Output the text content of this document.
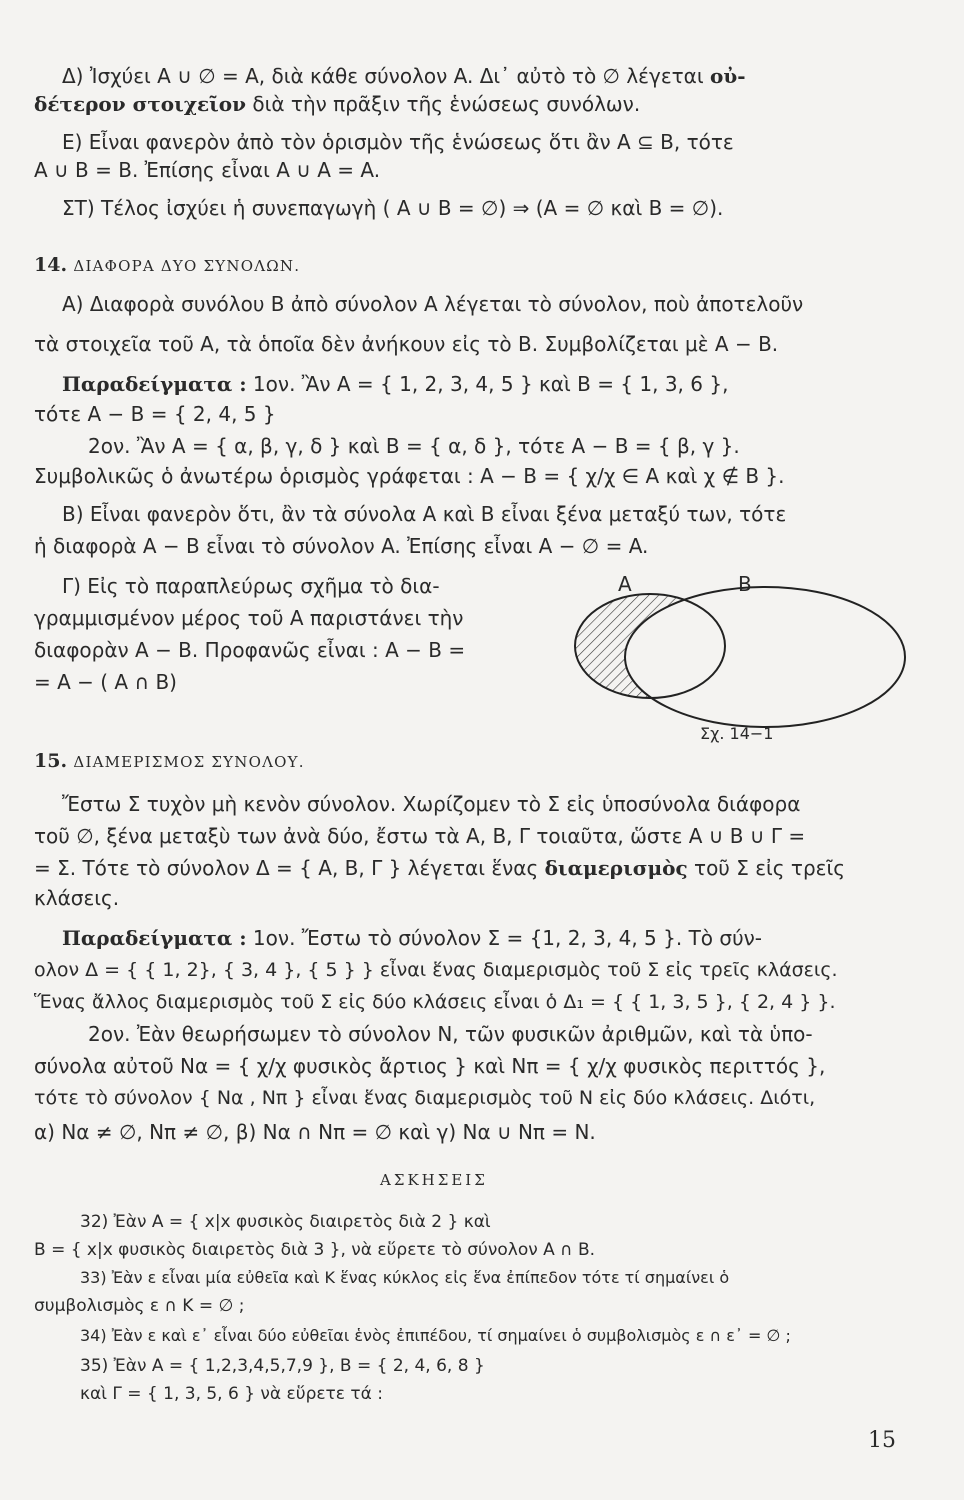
Δ) Ἰσχύει A ∪ ∅ = A, διὰ κάθε σύνολον A. Δι᾽ αὐτὸ τὸ ∅ λέγεται οὐ-
δέτερον στοιχεῖον διὰ τὴν πρᾶξιν τῆς ἑνώσεως συνόλων.
E) Εἶναι φανερὸν ἀπὸ τὸν ὁρισμὸν τῆς ἑνώσεως ὅτι ἂν A ⊆ B, τότε
A ∪ B = B. Ἐπίσης εἶναι A ∪ A = A.
ΣΤ) Τέλος ἰσχύει ἡ συνεπαγωγὴ ( A ∪ B = ∅) ⇒ (A = ∅ καὶ B = ∅).
14. ΔΙΑΦΟΡΑ ΔΥΟ ΣΥΝΟΛΩΝ.
A) Διαφορὰ συνόλου B ἀπὸ σύνολον A λέγεται τὸ σύνολον, ποὺ ἀποτελοῦν
τὰ στοιχεῖα τοῦ A, τὰ ὁποῖα δὲν ἀνήκουν εἰς τὸ B. Συμβολίζεται μὲ A − B.
Παραδείγματα : 1ον. Ἂν A = { 1, 2, 3, 4, 5 } καὶ B = { 1, 3, 6 },
τότε A − B = { 2, 4, 5 }
2ον. Ἂν A = { α, β, γ, δ } καὶ B = { α, δ }, τότε A − B = { β, γ }.
Συμβολικῶς ὁ ἀνωτέρω ὁρισμὸς γράφεται : A − B = { χ/χ ∈ A καὶ χ ∉ B }.
B) Εἶναι φανερὸν ὅτι, ἂν τὰ σύνολα A καὶ B εἶναι ξένα μεταξύ των, τότε
ἡ διαφορὰ A − B εἶναι τὸ σύνολον A. Ἐπίσης εἶναι A − ∅ = A.
Γ) Εἰς τὸ παραπλεύρως σχῆμα τὸ δια-
γραμμισμένον μέρος τοῦ A παριστάνει τὴν
διαφορὰν A − B. Προφανῶς εἶναι : A − B =
= A − ( A ∩ B)
A	B
Σχ. 14−1
15. ΔΙΑΜΕΡΙΣΜΟΣ ΣΥΝΟΛΟΥ.
Ἔστω Σ τυχὸν μὴ κενὸν σύνολον. Χωρίζομεν τὸ Σ εἰς ὑποσύνολα διάφορα
τοῦ ∅, ξένα μεταξὺ των ἀνὰ δύο, ἔστω τὰ A, B, Γ τοιαῦτα, ὥστε A ∪ B ∪ Γ =
= Σ. Τότε τὸ σύνολον Δ = { A, B, Γ } λέγεται ἕνας διαμερισμὸς τοῦ Σ εἰς τρεῖς
κλάσεις.
Παραδείγματα : 1ον. Ἔστω τὸ σύνολον Σ = {1, 2, 3, 4, 5 }. Τὸ σύν-
ολον Δ = { { 1, 2}, { 3, 4 }, { 5 } } εἶναι ἕνας διαμερισμὸς τοῦ Σ εἰς τρεῖς κλάσεις.
Ἕνας ἄλλος διαμερισμὸς τοῦ Σ εἰς δύο κλάσεις εἶναι ὁ Δ₁ = { { 1, 3, 5 }, { 2, 4 } }.
2ον. Ἐὰν θεωρήσωμεν τὸ σύνολον N, τῶν φυσικῶν ἀριθμῶν, καὶ τὰ ὑπο-
σύνολα αὐτοῦ Nα = { χ/χ φυσικὸς ἄρτιος } καὶ Nπ = { χ/χ φυσικὸς περιττός },
τότε τὸ σύνολον { Nα , Nπ } εἶναι ἕνας διαμερισμὸς τοῦ N εἰς δύο κλάσεις. Διότι,
α) Nα ≠ ∅, Nπ ≠ ∅, β) Nα ∩ Nπ = ∅ καὶ γ) Nα ∪ Nπ = N.
ΑΣΚΗΣΕΙΣ
32) Ἐὰν A = { x|x φυσικὸς διαιρετὸς διὰ 2 } καὶ
B = { x|x φυσικὸς διαιρετὸς διὰ 3 }, νὰ εὕρετε τὸ σύνολον A ∩ B.
33) Ἐὰν ε εἶναι μία εὐθεῖα καὶ K ἕνας κύκλος εἰς ἕνα ἐπίπεδον τότε τί σημαίνει ὁ
συμβολισμὸς ε ∩ K = ∅ ;
34) Ἐὰν ε καὶ ε᾽ εἶναι δύο εὐθεῖαι ἑνὸς ἐπιπέδου, τί σημαίνει ὁ συμβολισμὸς ε ∩ ε᾽ = ∅ ;
35) Ἐὰν A = { 1,2,3,4,5,7,9 }, B = { 2, 4, 6, 8 }
καὶ Γ = { 1, 3, 5, 6 } νὰ εὕρετε τά :
15
